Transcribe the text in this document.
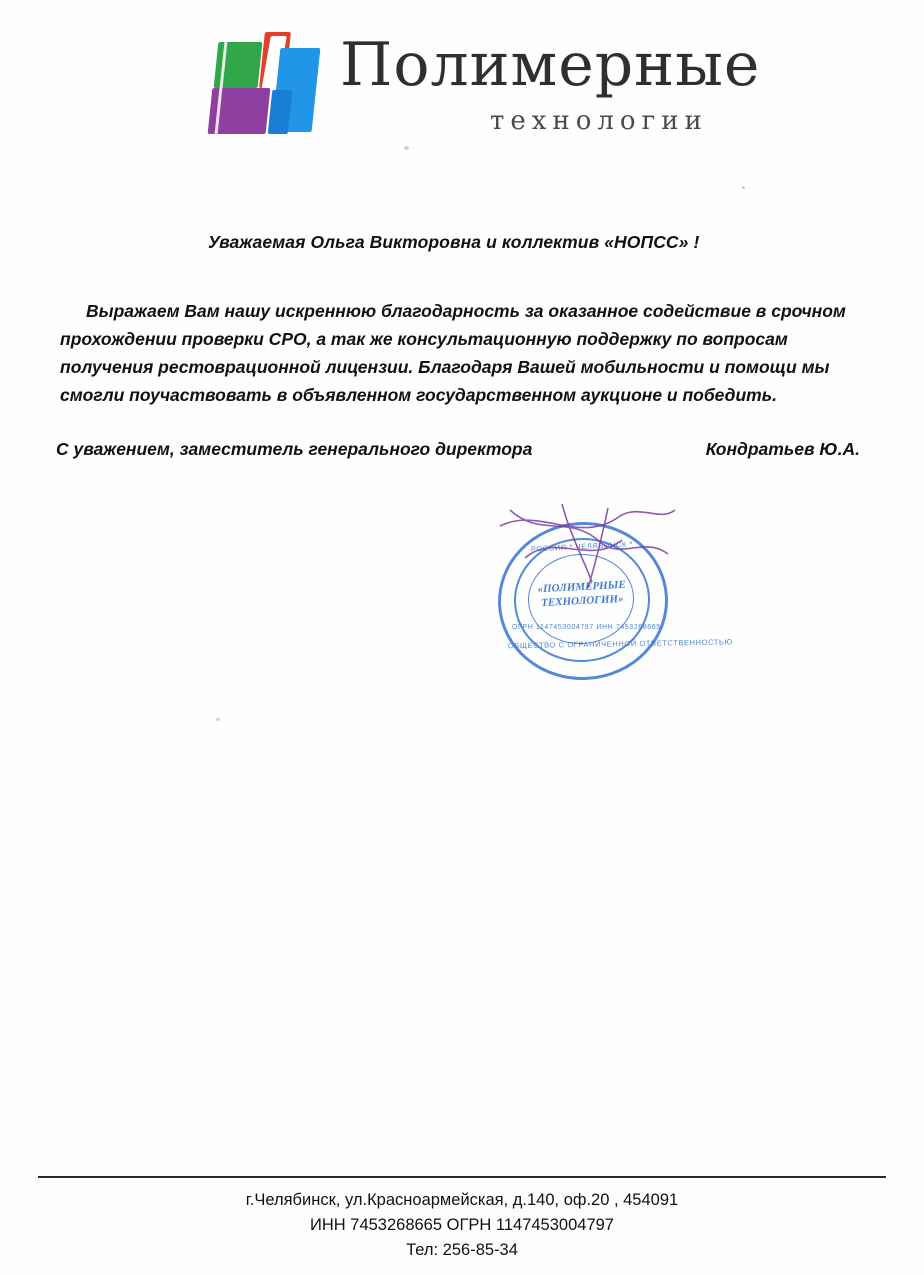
Полимерные
технологии

Уважаемая Ольга Викторовна и коллектив «НОПСС» !

Выражаем Вам нашу искреннюю благодарность за оказанное содействие в срочном прохождении проверки СРО, а так же консультационную поддержку по вопросам получения рестоврационной лицензии. Благодаря Вашей мобильности и помощи мы смогли поучаствовать в объявленном государственном аукционе и победить.

С уважением, заместитель генерального директора	Кондратьев Ю.А.
РОССИЯ * ЧЕЛЯБИНСК *
«ПОЛИМЕРНЫЕ
ТЕХНОЛОГИИ»
ОГРН 1147453004797 ИНН 7453268665
ОБЩЕСТВО С ОГРАНИЧЕННОЙ ОТВЕТСТВЕННОСТЬЮ
г.Челябинск, ул.Красноармейская, д.140, оф.20 , 454091
ИНН 7453268665 ОГРН 1147453004797
Тел: 256-85-34
